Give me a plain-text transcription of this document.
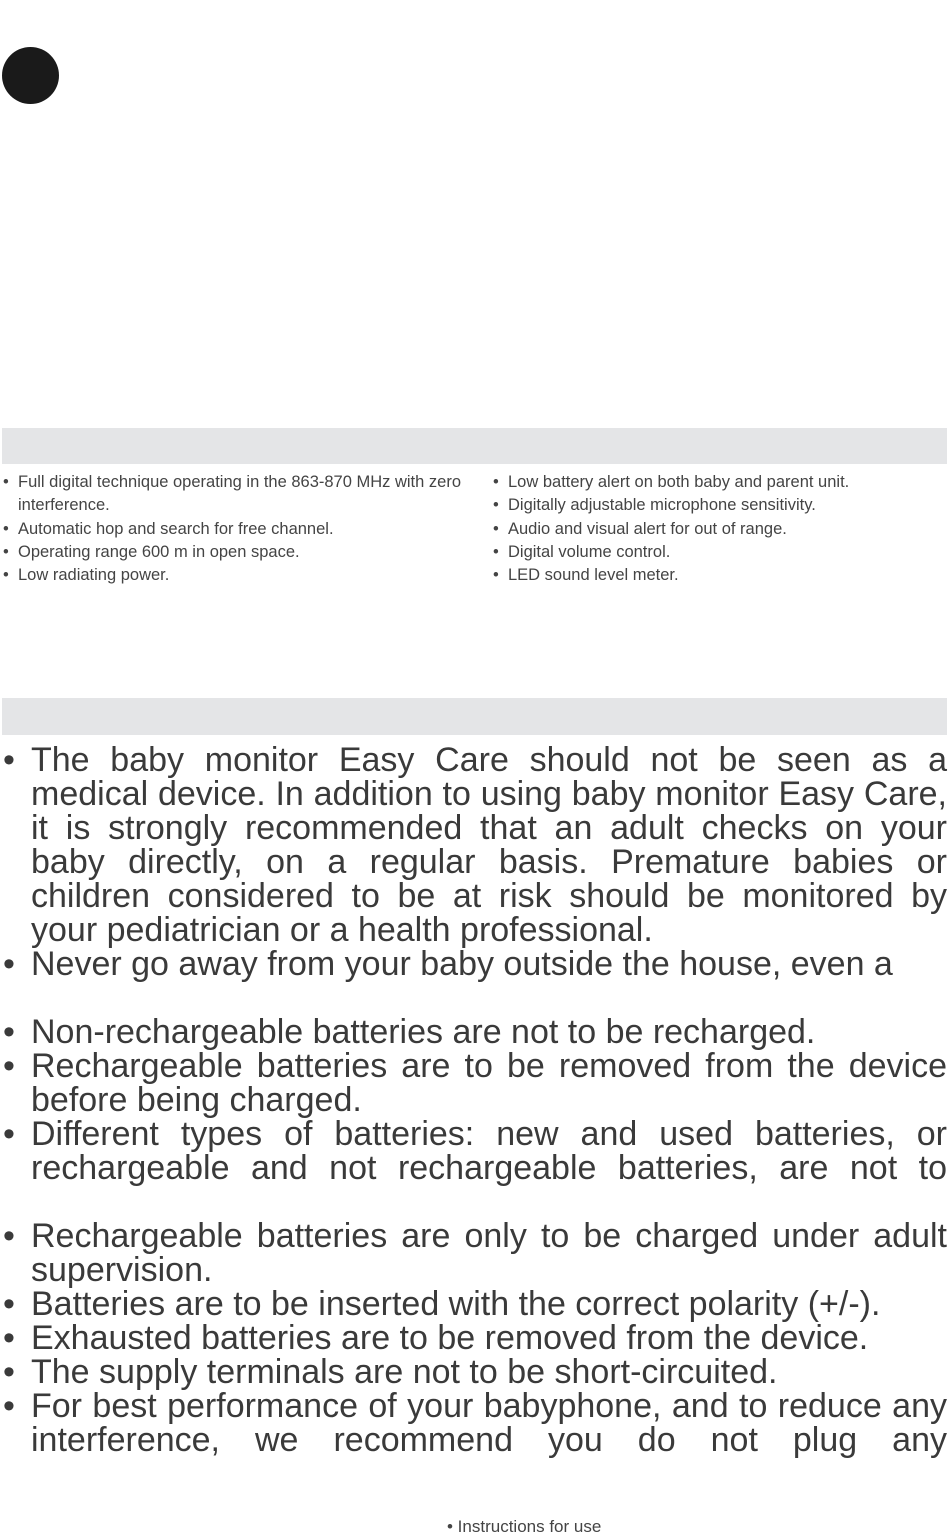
• Full digital technique operating in the 863-870 MHz with zero interference.
• Automatic hop and search for free channel.
• Operating range 600 m in open space.
• Low radiating power.
• Low battery alert on both baby and parent unit.
• Digitally adjustable microphone sensitivity.
• Audio and visual alert for out of range.
• Digital volume control.
• LED sound level meter.
• The baby monitor Easy Care should not be seen as a medical device. In addition to using baby monitor Easy Care, it is strongly recommended that an adult checks on your baby directly, on a regular basis. Premature babies or children considered to be at risk should be monitored by your pediatrician or a health professional.
• Never go away from your baby outside the house, even a
• Non-rechargeable batteries are not to be recharged.
• Rechargeable batteries are to be removed from the device before being charged.
• Different types of batteries: new and used batteries, or rechargeable and not rechargeable batteries, are not to
• Rechargeable batteries are only to be charged under adult supervision.
• Batteries are to be inserted with the correct polarity (+/-).
• Exhausted batteries are to be removed from the device.
• The supply terminals are not to be short-circuited.
• For best performance of your babyphone, and to reduce any interference, we recommend you do not plug any
• Instructions for use
